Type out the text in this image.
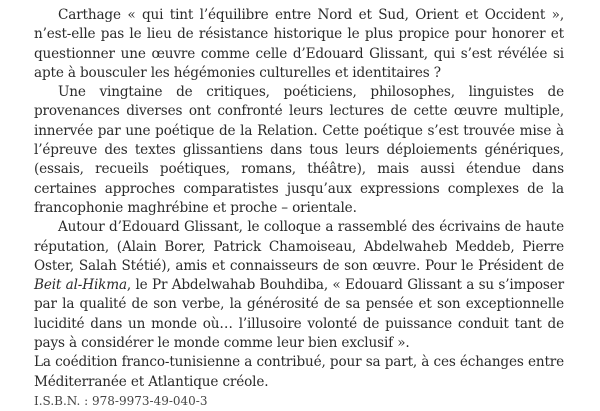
Carthage « qui tint l’équilibre entre Nord et Sud, Orient et Occident », n’est-elle pas le lieu de résistance historique le plus propice pour honorer et questionner une œuvre comme celle d’Edouard Glissant, qui s’est révélée si apte à bousculer les hégémonies culturelles et identitaires ?

Une vingtaine de critiques, poéticiens, philosophes, linguistes de provenances diverses ont confronté leurs lectures de cette œuvre multiple, innervée par une poétique de la Relation. Cette poétique s’est trouvée mise à l’épreuve des textes glissantiens dans tous leurs déploiements génériques, (essais, recueils poétiques, romans, théâtre), mais aussi étendue dans certaines approches comparatistes jusqu’aux expressions complexes de la francophonie maghrébine et proche – orientale.

Autour d’Edouard Glissant, le colloque a rassemblé des écrivains de haute réputation, (Alain Borer, Patrick Chamoiseau, Abdelwaheb Meddeb, Pierre Oster, Salah Stétié), amis et connaisseurs de son œuvre. Pour le Président de Beit al-Hikma, le Pr Abdelwahab Bouhdiba, « Edouard Glissant a su s’imposer par la qualité de son verbe, la générosité de sa pensée et son exceptionnelle lucidité dans un monde où… l’illusoire volonté de puissance conduit tant de pays à considérer le monde comme leur bien exclusif ».

La coédition franco-tunisienne a contribué, pour sa part, à ces échanges entre Méditerranée et Atlantique créole.

I.S.B.N. : 978-9973-49-040-3
